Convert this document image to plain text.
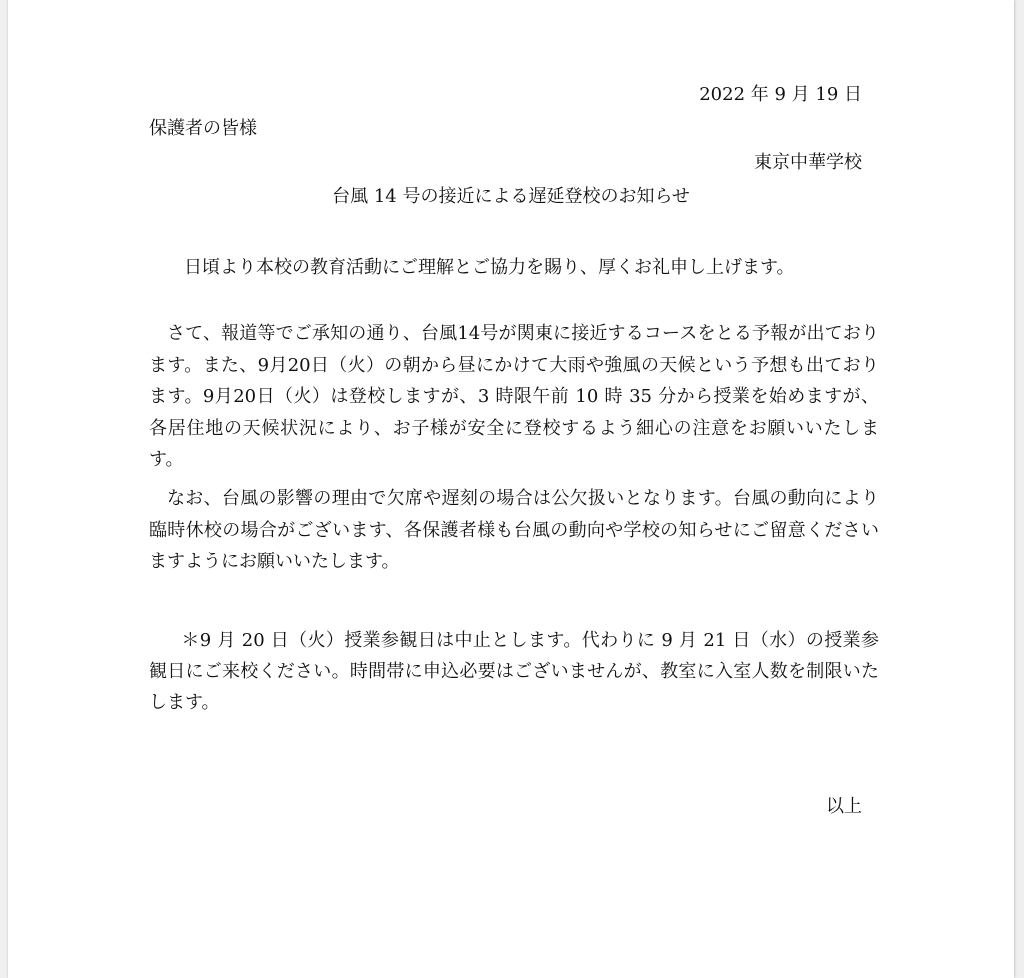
2022 年 9 月 19 日
保護者の皆様
東京中華学校
台風 14 号の接近による遅延登校のお知らせ
日頃より本校の教育活動にご理解とご協力を賜り、厚くお礼申し上げます。
さて、報道等でご承知の通り、台風14号が関東に接近するコースをとる予報が出ております。また、9月20日（火）の朝から昼にかけて大雨や強風の天候という予想も出ております。9月20日（火）は登校しますが、3 時限午前 10 時 35 分から授業を始めますが、各居住地の天候状況により、お子様が安全に登校するよう細心の注意をお願いいたします。
なお、台風の影響の理由で欠席や遅刻の場合は公欠扱いとなります。台風の動向により臨時休校の場合がございます、各保護者様も台風の動向や学校の知らせにご留意くださいますようにお願いいたします。
＊9 月 20 日（火）授業参観日は中止とします。代わりに 9 月 21 日（水）の授業参観日にご来校ください。時間帯に申込必要はございませんが、教室に入室人数を制限いたします。
以上
